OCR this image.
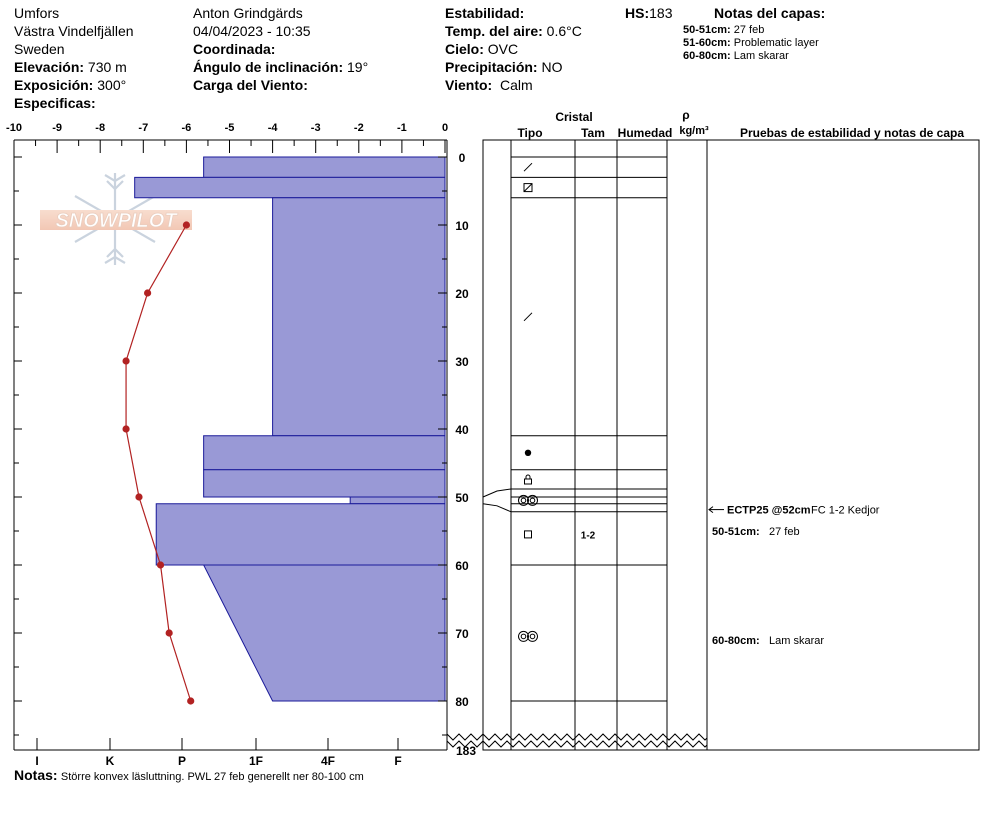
Umfors
Västra Vindelfjällen
Sweden
Elevación: 730 m
Exposición: 300°
Especificas:
Anton Grindgärds
04/04/2023 - 10:35
Coordinada:
Ángulo de inclinación: 19°
Carga del Viento:
Estabilidad:
Temp. del aire: 0.6°C
Cielo: OVC
Precipitación: NO
Viento: Calm
HS:183	Notas del capas:
50-51cm: 27 feb
51-60cm: Problematic layer
60-80cm: Lam skarar
SNOWPILOT
-10	-9	-8	-7	-6	-5	-4	-3	-2	-1	0
I	K	P	1F	4F	F
0
10
20
30
40
50
60
70
80
Cristal
Tipo	Tam Humedad
ρ
kg/m³	Pruebas de estabilidad y notas de capa
1-2
183
ECTP25 @52cm FC 1-2 Kedjor
50-51cm: 27 feb
60-80cm: Lam skarar
Notas: Större konvex läsluttning. PWL 27 feb generellt ner 80-100 cm
